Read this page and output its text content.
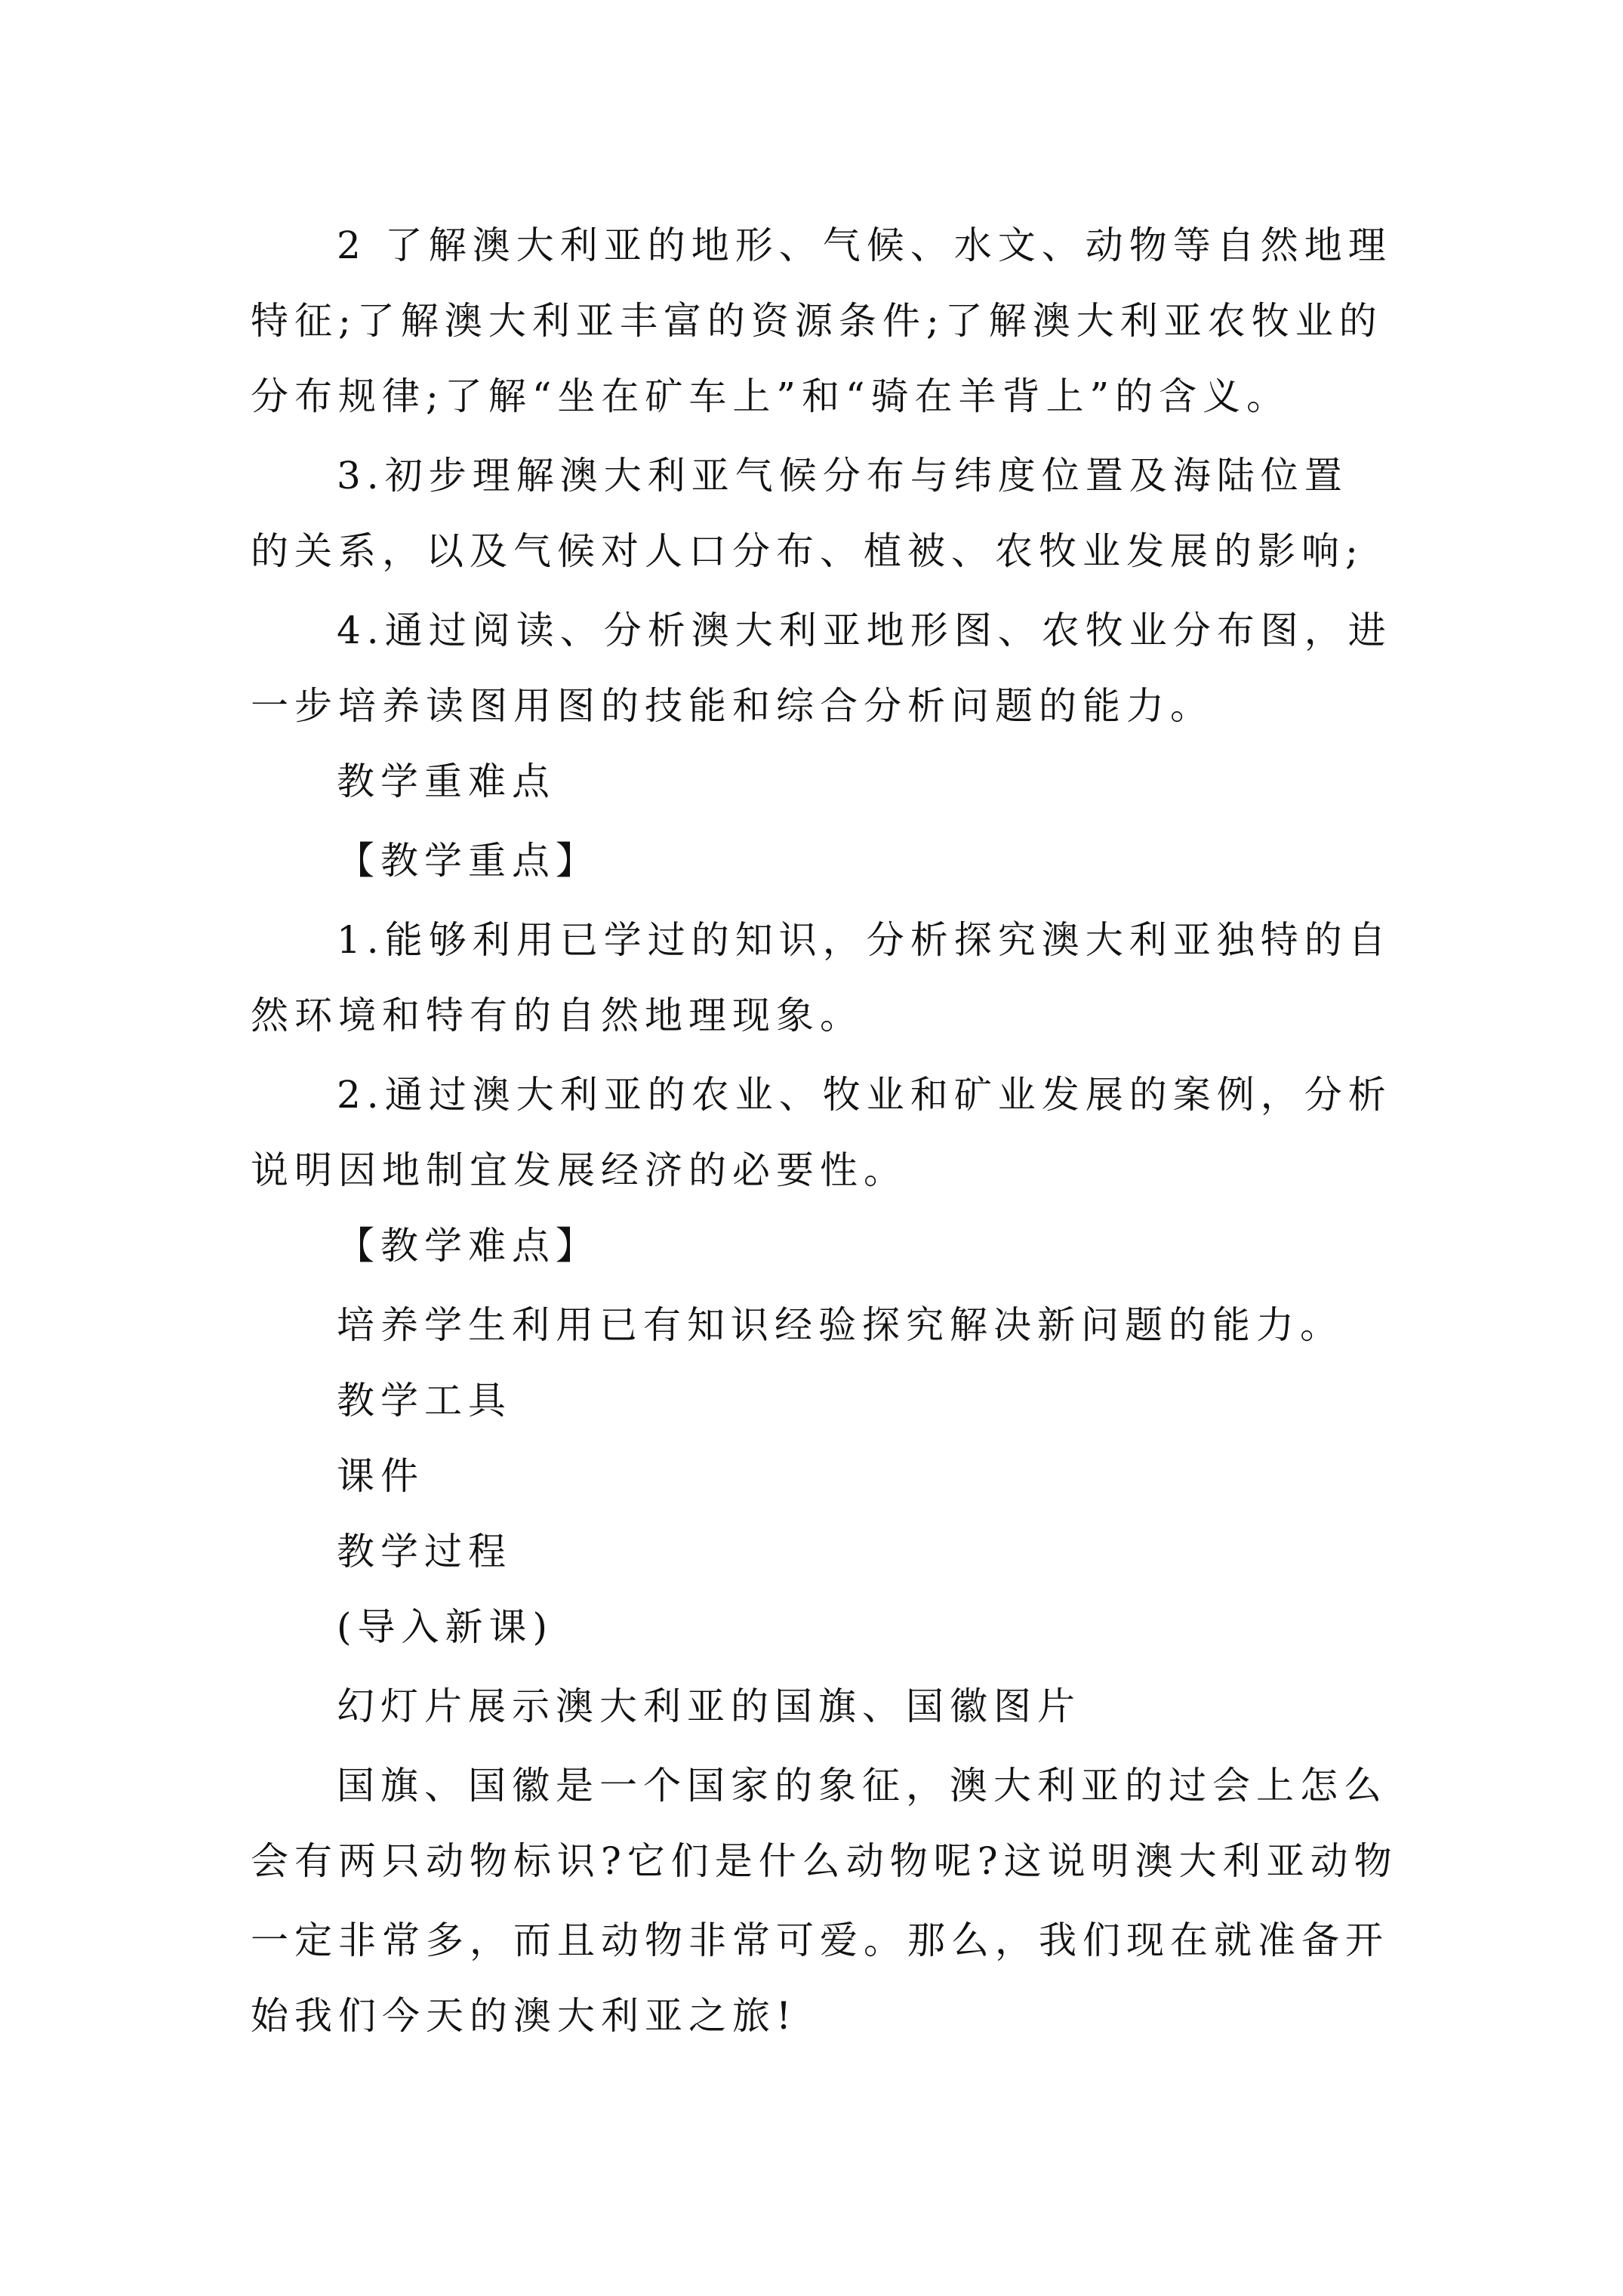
2 了解澳大利亚的地形、气候、水文、动物等自然地理

特征;了解澳大利亚丰富的资源条件;了解澳大利亚农牧业的

分布规律;了解“坐在矿车上”和“骑在羊背上”的含义。

3.初步理解澳大利亚气候分布与纬度位置及海陆位置

的关系，以及气候对人口分布、植被、农牧业发展的影响;

4.通过阅读、分析澳大利亚地形图、农牧业分布图，进

一步培养读图用图的技能和综合分析问题的能力。

教学重难点

【教学重点】

1.能够利用已学过的知识，分析探究澳大利亚独特的自

然环境和特有的自然地理现象。

2.通过澳大利亚的农业、牧业和矿业发展的案例，分析

说明因地制宜发展经济的必要性。

【教学难点】

培养学生利用已有知识经验探究解决新问题的能力。

教学工具

课件

教学过程

(导入新课)

幻灯片展示澳大利亚的国旗、国徽图片

国旗、国徽是一个国家的象征，澳大利亚的过会上怎么

会有两只动物标识?它们是什么动物呢?这说明澳大利亚动物

一定非常多，而且动物非常可爱。那么，我们现在就准备开

始我们今天的澳大利亚之旅!
